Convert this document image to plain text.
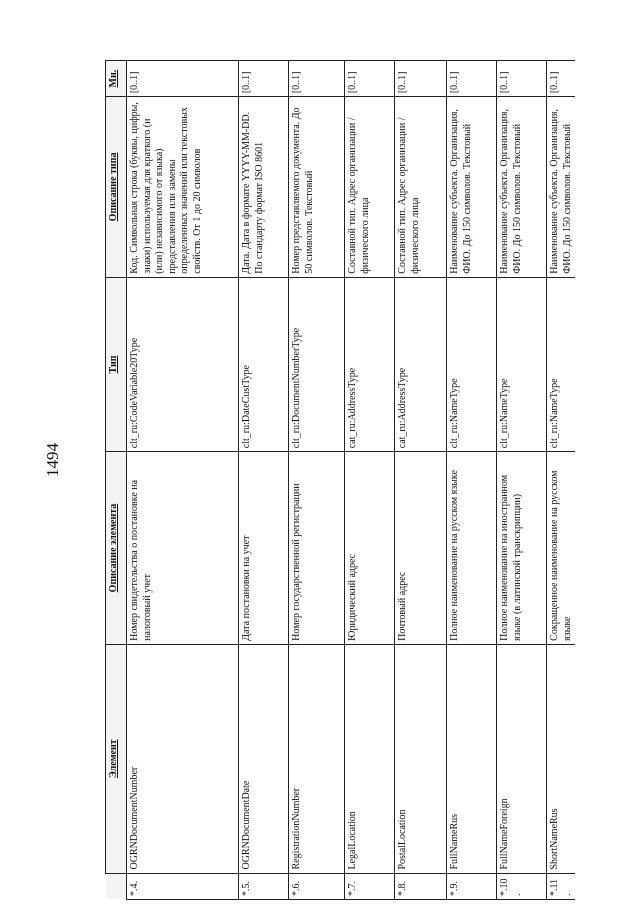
1494
	Элемент	Описание элемента	Тип	Описание типа	Мн.
*.4.	OGRNDocumentNumber	Номер свидетельства о постановке на налоговый учет	clt_ru:CodeVariable20Type	Код. Символьная строка (буквы, цифры, знаки) используемая для краткого (и (или) независимого от языка) представления или замены определенных значений или текстовых свойств. От 1 до 20 символов	[0..1]
*.5.	OGRNDocumentDate	Дата постановки на учет	clt_ru:DateCustType	Дата. Дата в формате YYYY-MM-DD. По стандарту формат ISO 8601	[0..1]
*.6.	RegistrationNumber	Номер государственной регистрации	clt_ru:DocumentNumberType	Номер представляемого документа. До 50 символов. Текстовый	[0..1]
*.7.	LegalLocation	Юридический адрес	cat_ru:AddressType	Составной тип. Адрес организации / физического лица	[0..1]
*.8.	PostalLocation	Почтовый адрес	cat_ru:AddressType	Составной тип. Адрес организации / физического лица	[0..1]
*.9.	FullNameRus	Полное наименование на русском языке	clt_ru:NameType	Наименование субъекта. Организация, ФИО. До 150 символов. Текстовый	[0..1]
*.10.	FullNameForeign	Полное наименование на иностранном языке (в латинской транскрипции)	clt_ru:NameType	Наименование субъекта. Организация, ФИО. До 150 символов. Текстовый	[0..1]
*.11.	ShortNameRus	Сокращенное наименование на русском языке	clt_ru:NameType	Наименование субъекта. Организация, ФИО. До 150 символов. Текстовый	[0..1]
